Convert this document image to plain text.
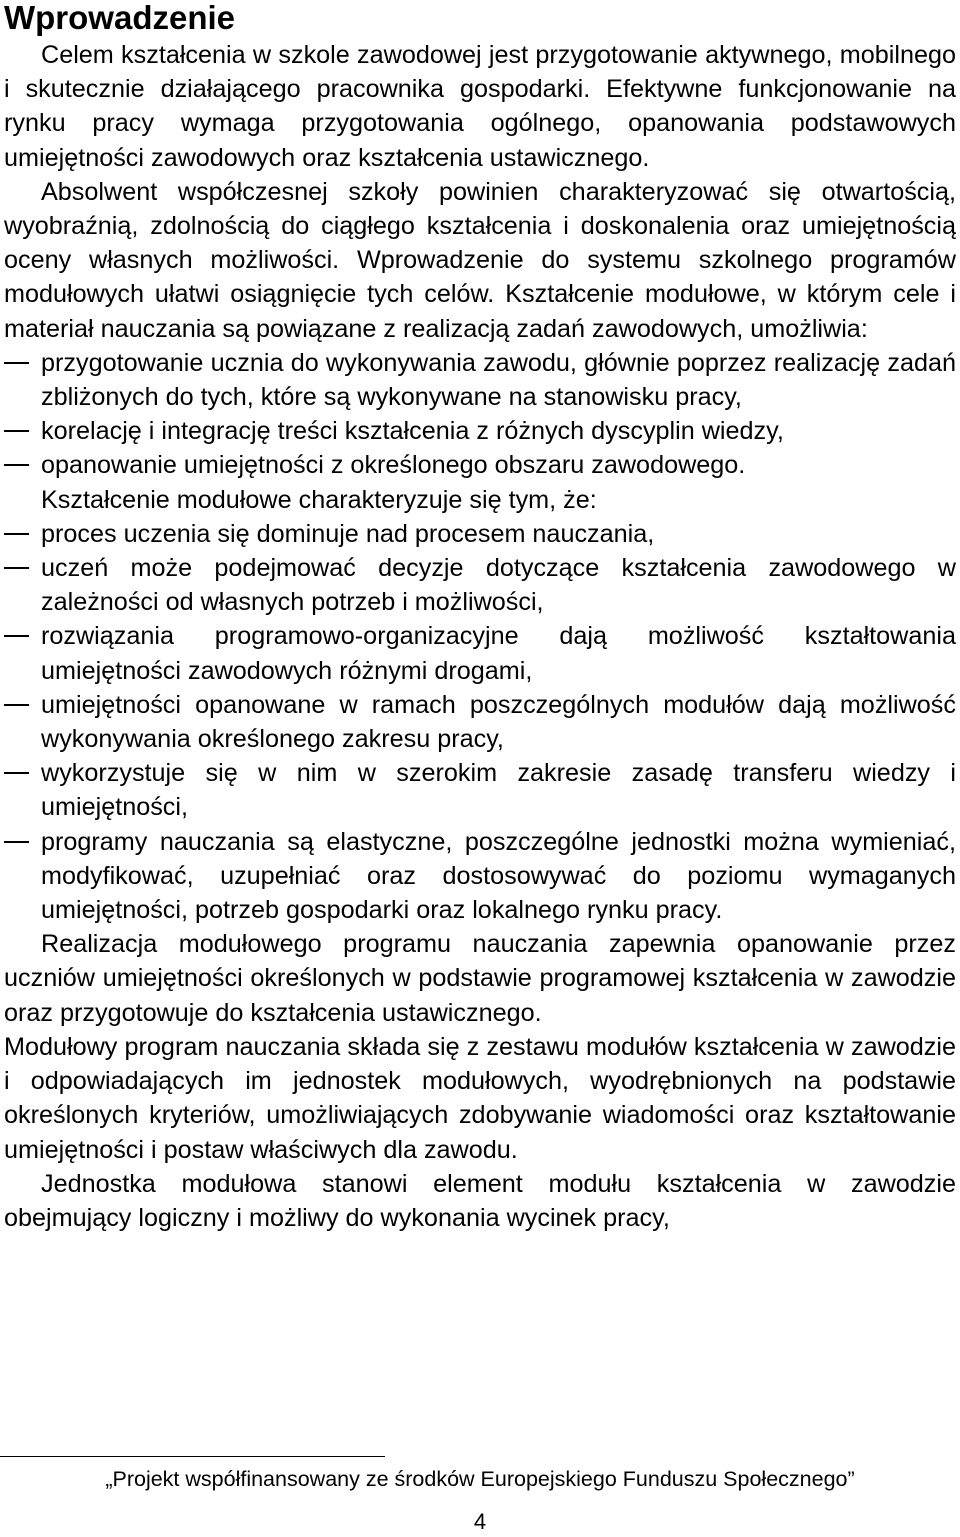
Wprowadzenie

Celem kształcenia w szkole zawodowej jest przygotowanie aktywnego, mobilnego i skutecznie działającego pracownika gospodarki. Efektywne funkcjonowanie na rynku pracy wymaga przygotowania ogólnego, opanowania podstawowych umiejętności zawodowych oraz kształcenia ustawicznego.

Absolwent współczesnej szkoły powinien charakteryzować się otwartością, wyobraźnią, zdolnością do ciągłego kształcenia i doskonalenia oraz umiejętnością oceny własnych możliwości. Wprowadzenie do systemu szkolnego programów modułowych ułatwi osiągnięcie tych celów. Kształcenie modułowe, w którym cele i materiał nauczania są powiązane z realizacją zadań zawodowych, umożliwia:

przygotowanie ucznia do wykonywania zawodu, głównie poprzez realizację zadań zbliżonych do tych, które są wykonywane na stanowisku pracy,
korelację i integrację treści kształcenia z różnych dyscyplin wiedzy,
opanowanie umiejętności z określonego obszaru zawodowego.

Kształcenie modułowe charakteryzuje się tym, że:

proces uczenia się dominuje nad procesem nauczania,
uczeń może podejmować decyzje dotyczące kształcenia zawodowego w zależności od własnych potrzeb i możliwości,
rozwiązania programowo-organizacyjne dają możliwość kształtowania umiejętności zawodowych różnymi drogami,
umiejętności opanowane w ramach poszczególnych modułów dają możliwość wykonywania określonego zakresu pracy,
wykorzystuje się w nim w szerokim zakresie zasadę transferu wiedzy i umiejętności,
programy nauczania są elastyczne, poszczególne jednostki można wymieniać, modyfikować, uzupełniać oraz dostosowywać do poziomu wymaganych umiejętności, potrzeb gospodarki oraz lokalnego rynku pracy.

Realizacja modułowego programu nauczania zapewnia opanowanie przez uczniów umiejętności określonych w podstawie programowej kształcenia w zawodzie oraz przygotowuje do kształcenia ustawicznego.

Modułowy program nauczania składa się z zestawu modułów kształcenia w zawodzie i odpowiadających im jednostek modułowych, wyodrębnionych na podstawie określonych kryteriów, umożliwiających zdobywanie wiadomości oraz kształtowanie umiejętności i postaw właściwych dla zawodu.

Jednostka modułowa stanowi element modułu kształcenia w zawodzie obejmujący logiczny i możliwy do wykonania wycinek pracy,

„Projekt współfinansowany ze środków Europejskiego Funduszu Społecznego”
4
